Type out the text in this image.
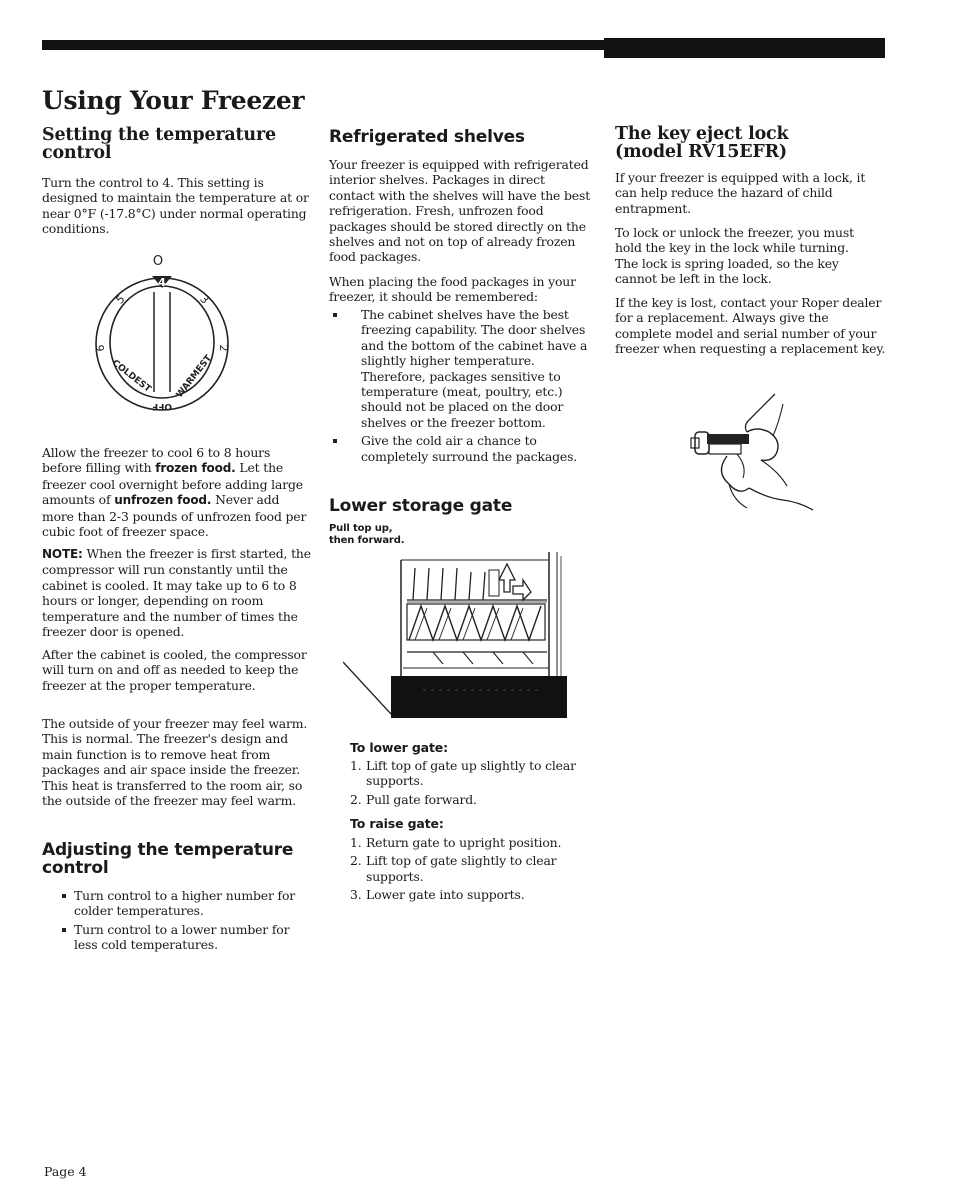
Using Your Freezer
Setting the temperature
control

Turn the control to 4. This setting is designed to maintain the temperature at or near 0°F (-17.8°C) under normal operating conditions.

O
4
3
2
5
6
COLDEST WARMEST
OFF

Allow the freezer to cool 6 to 8 hours before filling with frozen food. Let the freezer cool overnight before adding large amounts of unfrozen food. Never add more than 2-3 pounds of unfrozen food per cubic foot of freezer space.

NOTE: When the freezer is first started, the compressor will run constantly until the cabinet is cooled. It may take up to 6 to 8 hours or longer, depending on room temperature and the number of times the freezer door is opened.

After the cabinet is cooled, the compressor will turn on and off as needed to keep the freezer at the proper temperature.

The outside of your freezer may feel warm. This is normal. The freezer's design and main function is to remove heat from packages and air space inside the freezer. This heat is transferred to the room air, so the outside of the freezer may feel warm.

Adjusting the temperature
control
Turn control to a higher number for colder temperatures.
Turn control to a lower number for less cold temperatures.
Refrigerated shelves

Your freezer is equipped with refrigerated interior shelves. Packages in direct contact with the shelves will have the best refrigeration. Fresh, unfrozen food packages should be stored directly on the shelves and not on top of already frozen food packages.

When placing the food packages in your freezer, it should be remembered:

The cabinet shelves have the best freezing capability. The door shelves and the bottom of the cabinet have a slightly higher temperature. Therefore, packages sensitive to temperature (meat, poultry, etc.) should not be placed on the door shelves or the freezer bottom.
Give the cold air a chance to completely surround the packages.
Lower storage gate

Pull top up,

then forward.

To lower gate:

1. Lift top of gate up slightly to clear supports.
2. Pull gate forward.

To raise gate:

1. Return gate to upright position.
2. Lift top of gate slightly to clear supports.
3. Lower gate into supports.
The key eject lock
(model RV15EFR)

If your freezer is equipped with a lock, it can help reduce the hazard of child entrapment.

To lock or unlock the freezer, you must hold the key in the lock while turning. The lock is spring loaded, so the key cannot be left in the lock.

If the key is lost, contact your Roper dealer for a replacement. Always give the complete model and serial number of your freezer when requesting a replacement key.

Page 4
